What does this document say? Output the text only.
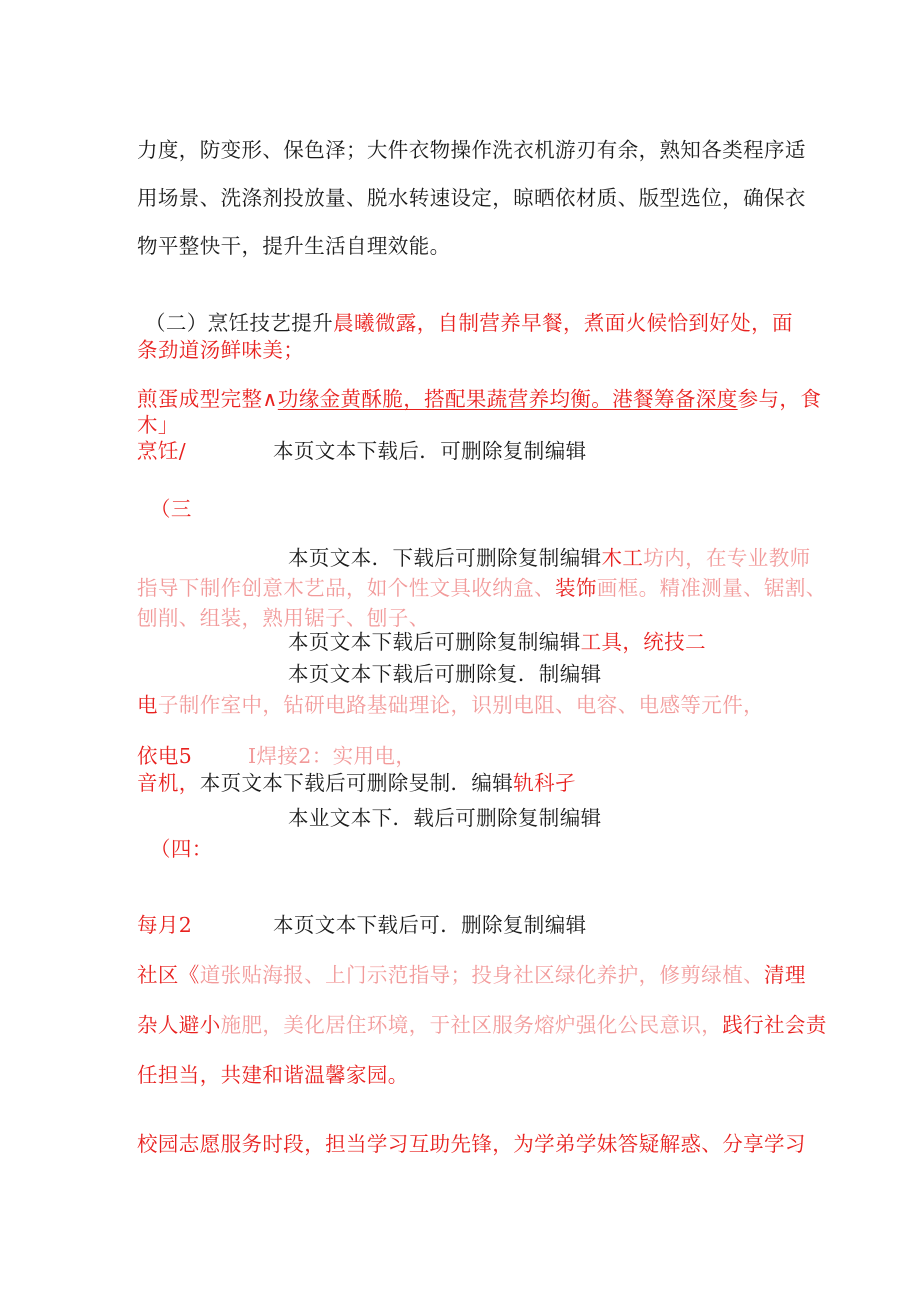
力度，防变形、保色泽；大件衣物操作洗衣机游刃有余，熟知各类程序适
用场景、洗涤剂投放量、脱水转速设定，晾晒依材质、版型选位，确保衣
物平整快干，提升生活自理效能。
（二）烹饪技艺提升晨曦微露，自制营养早餐，煮面火候恰到好处，面
条劲道汤鲜味美；
煎蛋成型完整∧功缘金黄酥脆，搭配果蔬营养均衡。港餐筹备深度参与，食
木」
烹饪/	本页文本下载后．可删除复制编辑
（三
本页文本．下载后可删除复制编辑木工坊内，在专业教师
指导下制作创意木艺品，如个性文具收纳盒、装饰画框。精准测量、锯割、
刨削、组装，熟用锯子、刨子、
本页文本下载后可删除复制编辑工具，统技二
本页文本下载后可删除复．制编辑
电子制作室中，钻研电路基础理论，识别电阻、电容、电感等元件，
依电5	Ⅰ焊接2：实用电，
音机，本页文本下载后可删除旻制．编辑轨科孑
本业文本下．载后可删除复制编辑
（四：
每月2	本页文本下载后可．删除复制编辑
社区《道张贴海报、上门示范指导；投身社区绿化养护，修剪绿植、清理
杂人避小施肥，美化居住环境，于社区服务熔炉强化公民意识，践行社会责
任担当，共建和谐温馨家园。
校园志愿服务时段，担当学习互助先锋，为学弟学妹答疑解惑、分享学习
